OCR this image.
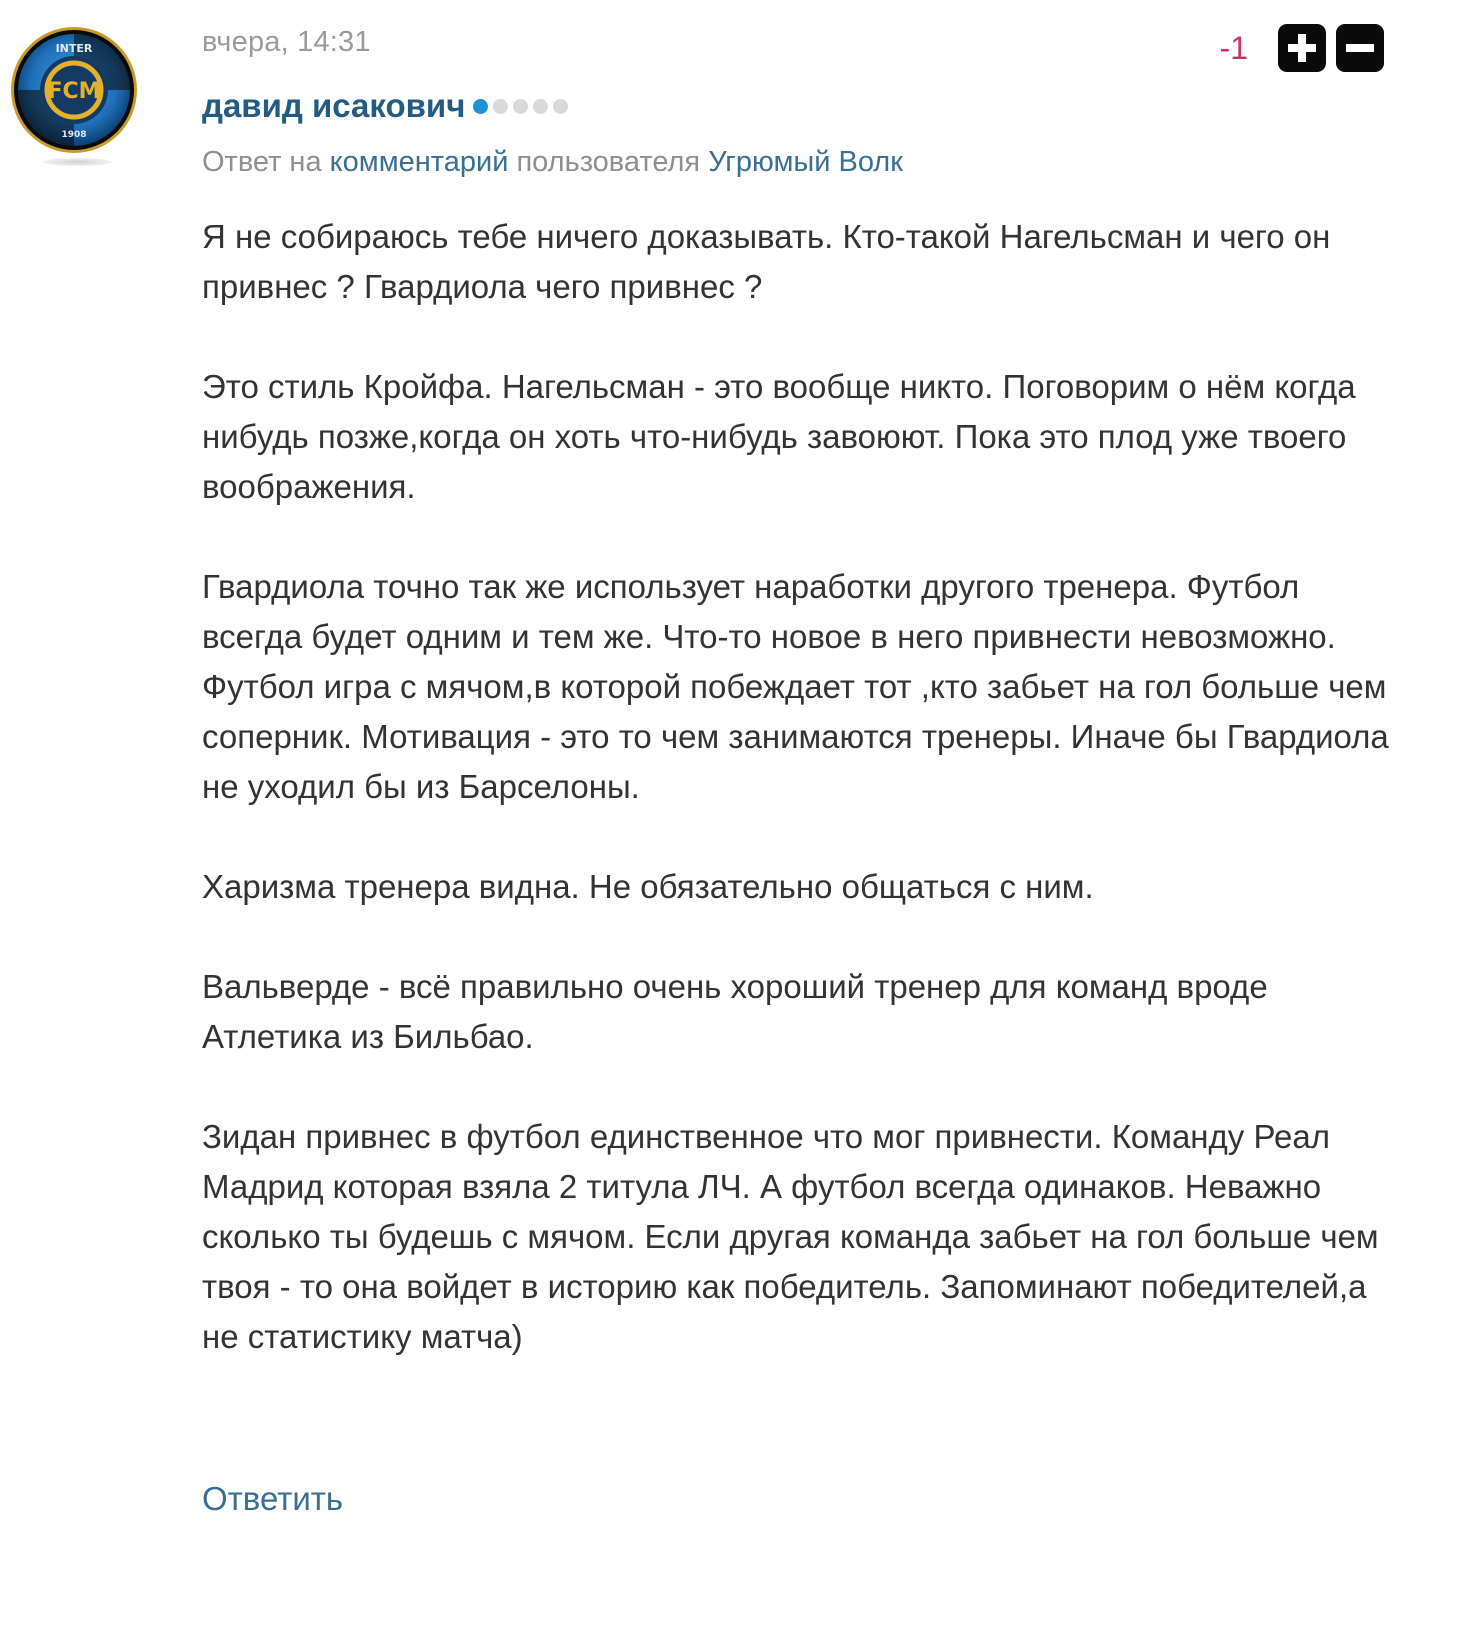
FCM
INTER
1908
вчера, 14:31
давид исакович
Ответ на комментарий пользователя Угрюмый Волк
-1

Я не собираюсь тебе ничего доказывать. Кто-такой Нагельсман и чего он привнес ? Гвардиола чего привнес ?

Это стиль Кройфа. Нагельсман - это вообще никто. Поговорим о нём когда нибудь позже,когда он хоть что-нибудь завоюют. Пока это плод уже твоего воображения.

Гвардиола точно так же использует наработки другого тренера. Футбол всегда будет одним и тем же. Что-то новое в него привнести невозможно. Футбол игра с мячом,в которой побеждает тот ,кто забьет на гол больше чем соперник. Мотивация - это то чем занимаются тренеры. Иначе бы Гвардиола не уходил бы из Барселоны.

Харизма тренера видна. Не обязательно общаться с ним.

Вальверде - всё правильно очень хороший тренер для команд вроде Атлетика из Бильбао.

Зидан привнес в футбол единственное что мог привнести. Команду Реал Мадрид которая взяла 2 титула ЛЧ. А футбол всегда одинаков. Неважно сколько ты будешь с мячом. Если другая команда забьет на гол больше чем твоя - то она войдет в историю как победитель. Запоминают победителей,а не статистику матча)

Ответить
